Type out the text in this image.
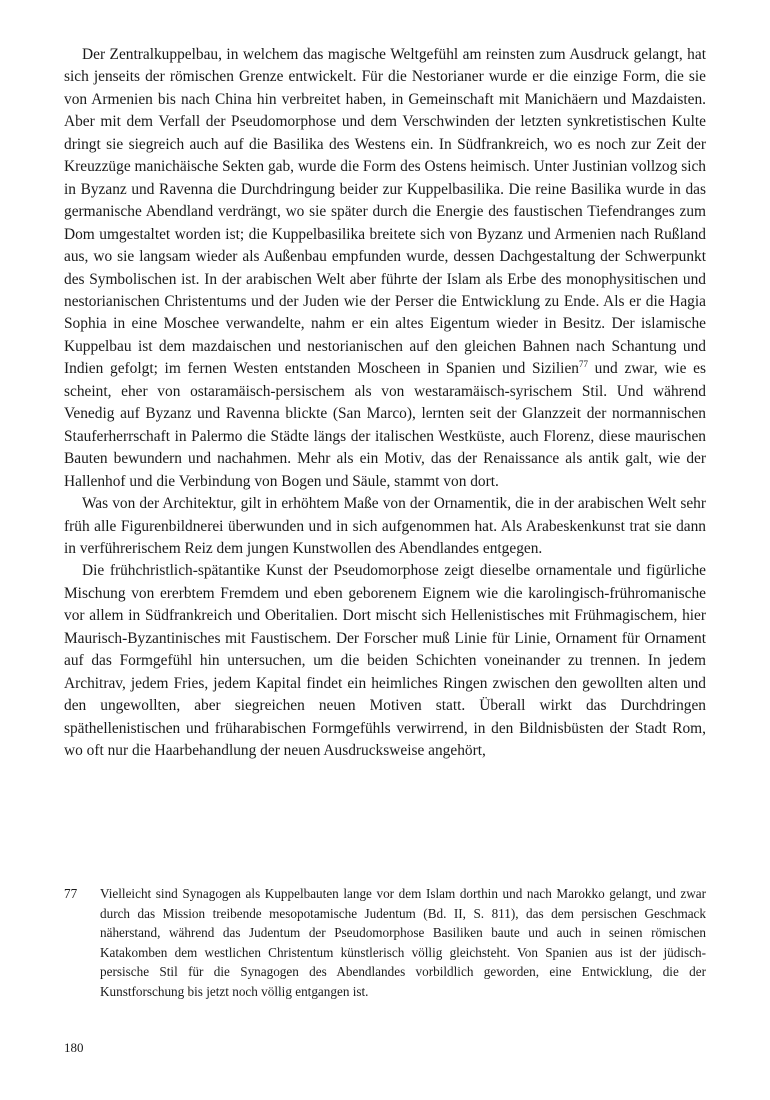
Der Zentralkuppelbau, in welchem das magische Weltgefühl am reinsten zum Ausdruck gelangt, hat sich jenseits der römischen Grenze entwickelt. Für die Nestorianer wurde er die einzige Form, die sie von Armenien bis nach China hin verbreitet haben, in Gemeinschaft mit Manichäern und Mazdaisten. Aber mit dem Verfall der Pseudomorphose und dem Verschwinden der letzten synkretistischen Kulte dringt sie siegreich auch auf die Basilika des Westens ein. In Südfrankreich, wo es noch zur Zeit der Kreuzzüge manichäische Sekten gab, wurde die Form des Ostens heimisch. Unter Justinian vollzog sich in Byzanz und Ravenna die Durchdringung beider zur Kuppelbasilika. Die reine Basilika wurde in das germanische Abendland verdrängt, wo sie später durch die Energie des faustischen Tiefendranges zum Dom umgestaltet worden ist; die Kuppelbasilika breitete sich von Byzanz und Armenien nach Rußland aus, wo sie langsam wieder als Außenbau empfunden wurde, dessen Dachgestaltung der Schwerpunkt des Symbolischen ist. In der arabischen Welt aber führte der Islam als Erbe des monophysitischen und nestorianischen Christentums und der Juden wie der Perser die Entwicklung zu Ende. Als er die Hagia Sophia in eine Moschee verwandelte, nahm er ein altes Eigentum wieder in Besitz. Der islamische Kuppelbau ist dem mazdaischen und nestorianischen auf den gleichen Bahnen nach Schantung und Indien gefolgt; im fernen Westen entstanden Moscheen in Spanien und Sizilien$^{77}$ und zwar, wie es scheint, eher von ostaramäisch-persischem als von westaramäisch-syrischem Stil. Und während Venedig auf Byzanz und Ravenna blickte (San Marco), lernten seit der Glanzzeit der normannischen Stauferherrschaft in Palermo die Städte längs der italischen Westküste, auch Florenz, diese maurischen Bauten bewundern und nachahmen. Mehr als ein Motiv, das der Renaissance als antik galt, wie der Hallenhof und die Verbindung von Bogen und Säule, stammt von dort.

Was von der Architektur, gilt in erhöhtem Maße von der Ornamentik, die in der arabischen Welt sehr früh alle Figurenbildnerei überwunden und in sich aufgenommen hat. Als Arabeskenkunst trat sie dann in verführerischem Reiz dem jungen Kunstwollen des Abendlandes entgegen.

Die frühchristlich-spätantike Kunst der Pseudomorphose zeigt dieselbe ornamentale und figürliche Mischung von ererbtem Fremdem und eben geborenem Eignem wie die karolingisch-frühromanische vor allem in Südfrankreich und Oberitalien. Dort mischt sich Hellenistisches mit Frühmagischem, hier Maurisch-Byzantinisches mit Faustischem. Der Forscher muß Linie für Linie, Ornament für Ornament auf das Formgefühl hin untersuchen, um die beiden Schichten voneinander zu trennen. In jedem Architrav, jedem Fries, jedem Kapital findet ein heimliches Ringen zwischen den gewollten alten und den ungewollten, aber siegreichen neuen Motiven statt. Überall wirkt das Durchdringen späthellenistischen und früharabischen Formgefühls verwirrend, in den Bildnisbüsten der Stadt Rom, wo oft nur die Haarbehandlung der neuen Ausdrucksweise angehört,

77	Vielleicht sind Synagogen als Kuppelbauten lange vor dem Islam dorthin und nach Marokko gelangt, und zwar durch das Mission treibende mesopotamische Judentum (Bd. II, S. 811), das dem persischen Geschmack näherstand, während das Judentum der Pseudomorphose Basiliken baute und auch in seinen römischen Katakomben dem westlichen Christentum künstlerisch völlig gleichsteht. Von Spanien aus ist der jüdisch-persische Stil für die Synagogen des Abendlandes vorbildlich geworden, eine Entwicklung, die der Kunstforschung bis jetzt noch völlig entgangen ist.

180
